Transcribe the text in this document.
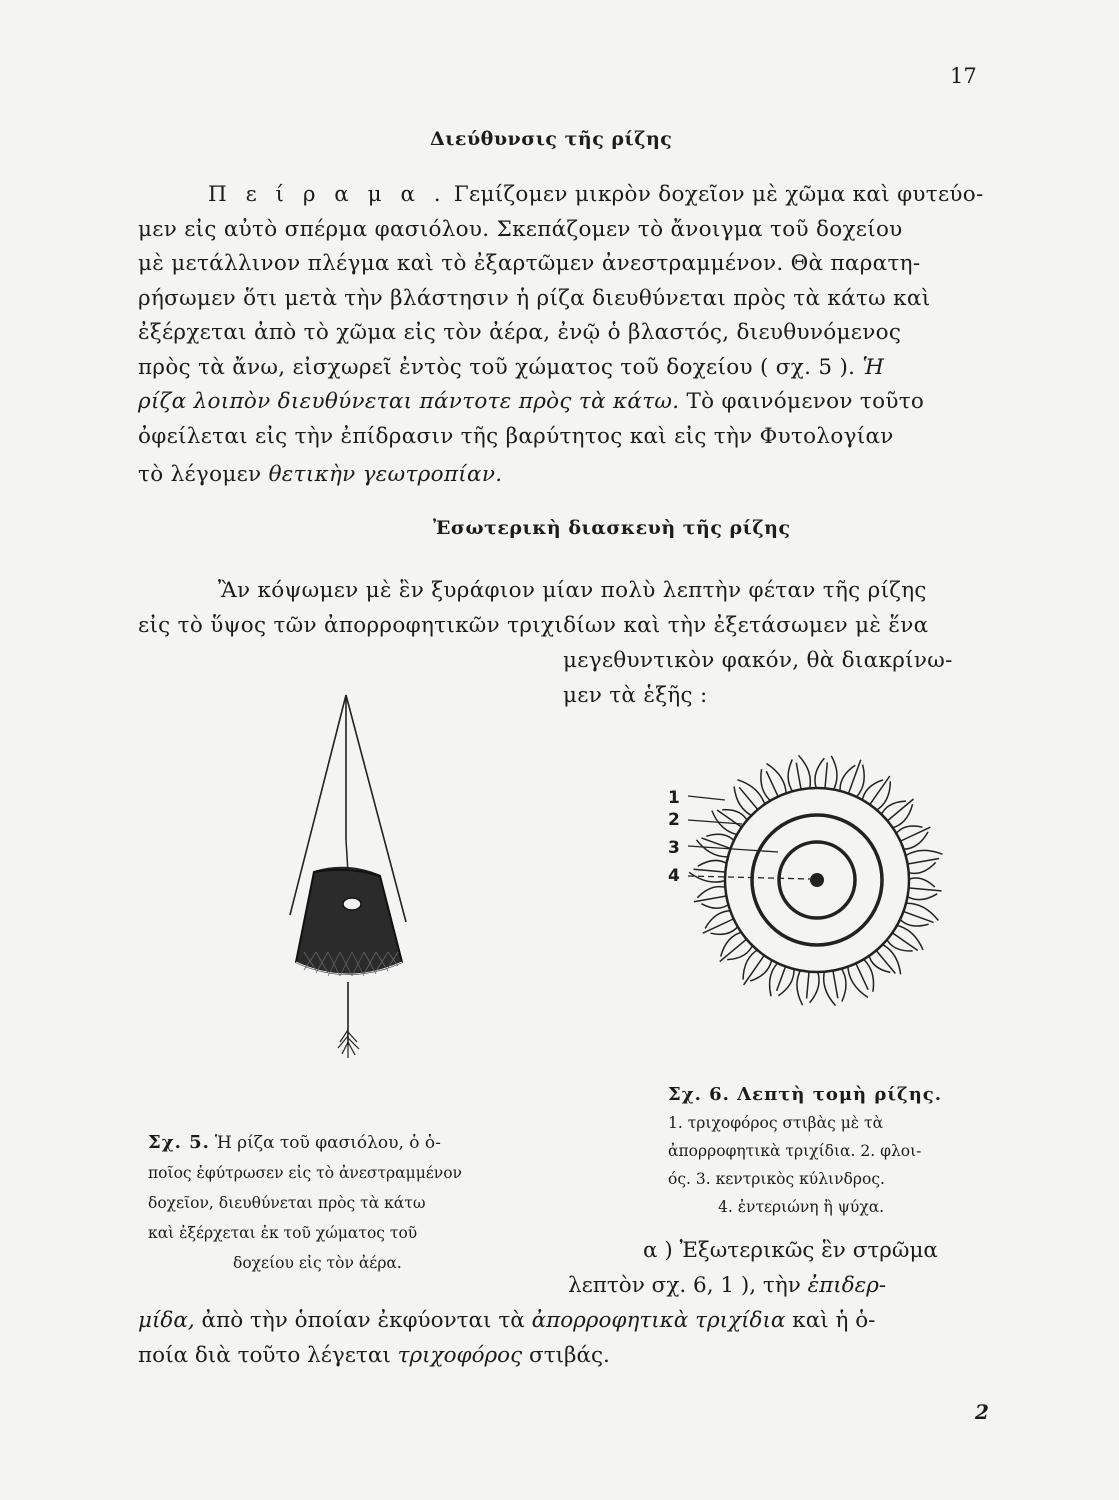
17
Διεύθυνσις τῆς ρίζης
Π ε ί ρ α μ α . Γεμίζομεν μικρὸν δοχεῖον μὲ χῶμα καὶ φυτεύο-
μεν εἰς αὐτὸ σπέρμα φασιόλου. Σκεπάζομεν τὸ ἄνοιγμα τοῦ δοχείου
μὲ μετάλλινον πλέγμα καὶ τὸ ἐξαρτῶμεν ἀνεστραμμένον. Θὰ παρατη-
ρήσωμεν ὅτι μετὰ τὴν βλάστησιν ἡ ρίζα διευθύνεται πρὸς τὰ κάτω καὶ
ἐξέρχεται ἀπὸ τὸ χῶμα εἰς τὸν ἀέρα, ἐνῷ ὁ βλαστός, διευθυνόμενος
πρὸς τὰ ἄνω, εἰσχωρεῖ ἐντὸς τοῦ χώματος τοῦ δοχείου ( σχ. 5 ). Ἡ
ρίζα λοιπὸν διευθύνεται πάντοτε πρὸς τὰ κάτω. Τὸ φαινόμενον τοῦτο
ὀφείλεται εἰς τὴν ἐπίδρασιν τῆς βαρύτητος καὶ εἰς τὴν Φυτολογίαν
τὸ λέγομεν θετικὴν γεωτροπίαν.
Ἐσωτερικὴ διασκευὴ τῆς ρίζης
Ἂν κόψωμεν μὲ ἓν ξυράφιον μίαν πολὺ λεπτὴν φέταν τῆς ρίζης
εἰς τὸ ὕψος τῶν ἀπορροφητικῶν τριχιδίων καὶ τὴν ἐξετάσωμεν μὲ ἕνα
μεγεθυντικὸν φακόν, θὰ διακρίνω-
μεν τὰ ἑξῆς :
1
2
3
4
Σχ. 6. Λεπτὴ τομὴ ρίζης.
1. τριχοφόρος στιβὰς μὲ τὰ
ἀπορροφητικὰ τριχίδια. 2. φλοι-
ός. 3. κεντρικὸς κύλινδρος.
4. ἐντεριώνη ἢ ψύχα.
Σχ. 5. Ἡ ρίζα τοῦ φασιόλου, ὁ ὁ-
ποῖος ἐφύτρωσεν εἰς τὸ ἀνεστραμμένον
δοχεῖον, διευθύνεται πρὸς τὰ κάτω
καὶ ἐξέρχεται ἐκ τοῦ χώματος τοῦ
δοχείου εἰς τὸν ἀέρα.	α ) Ἐξωτερικῶς ἓν στρῶμα
λεπτὸν σχ. 6, 1 ), τὴν ἐπιδερ-
μίδα, ἀπὸ τὴν ὁποίαν ἐκφύονται τὰ ἀπορροφητικὰ τριχίδια καὶ ἡ ὁ-
ποία διὰ τοῦτο λέγεται τριχοφόρος στιβάς.
2
